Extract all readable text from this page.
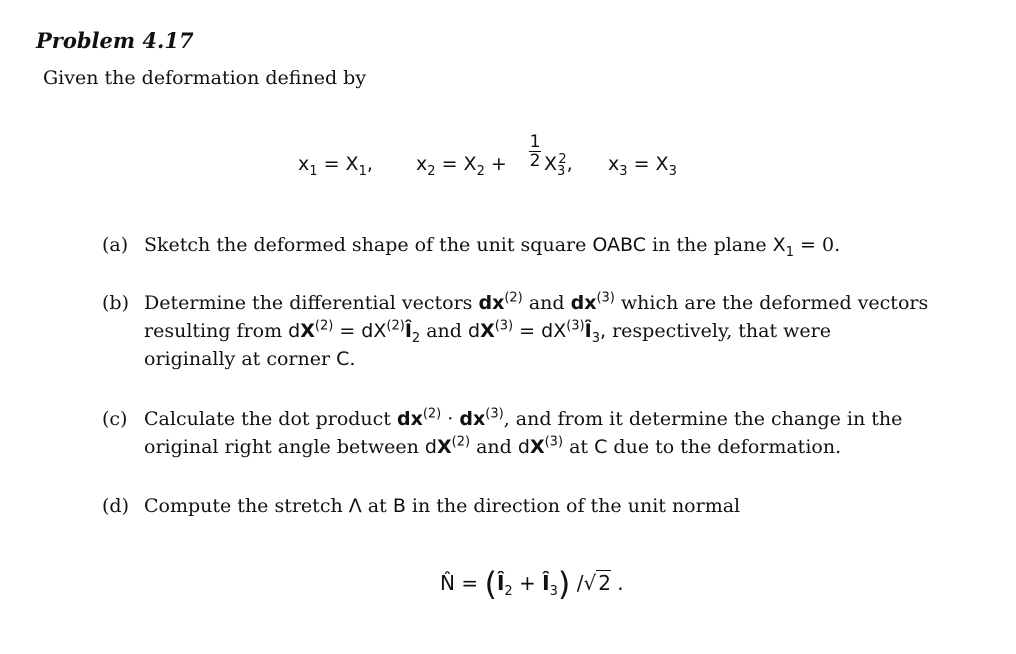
Problem 4.17
Given the deformation defined by
$x_1 = X_1$, $x_2 = X_2$ +
1
2 $X_3^2$, $x_3 = X_3$
(a) Sketch the deformed shape of the unit square OABC in the plane $X_1 = 0$.
(b) Determine the differential vectors $dx^{(2)}$ and $dx^{(3)}$ which are the deformed vectors
resulting from $dX^{(2)}$ = $dX^{(2)}Î_2$ and $dX^{(3)}$ = $dX^{(3)}Î_3$, respectively, that were
originally at corner C.
(c) Calculate the dot product $dx^{(2)} \cdot dx^{(3)}$, and from it determine the change in the
original right angle between $dX^{(2)}$ and $dX^{(3)}$ at C due to the deformation.
(d) Compute the stretch Λ at B in the direction of the unit normal
N̂ = ($Î_2$ + $Î_3$) /√ 2 .
